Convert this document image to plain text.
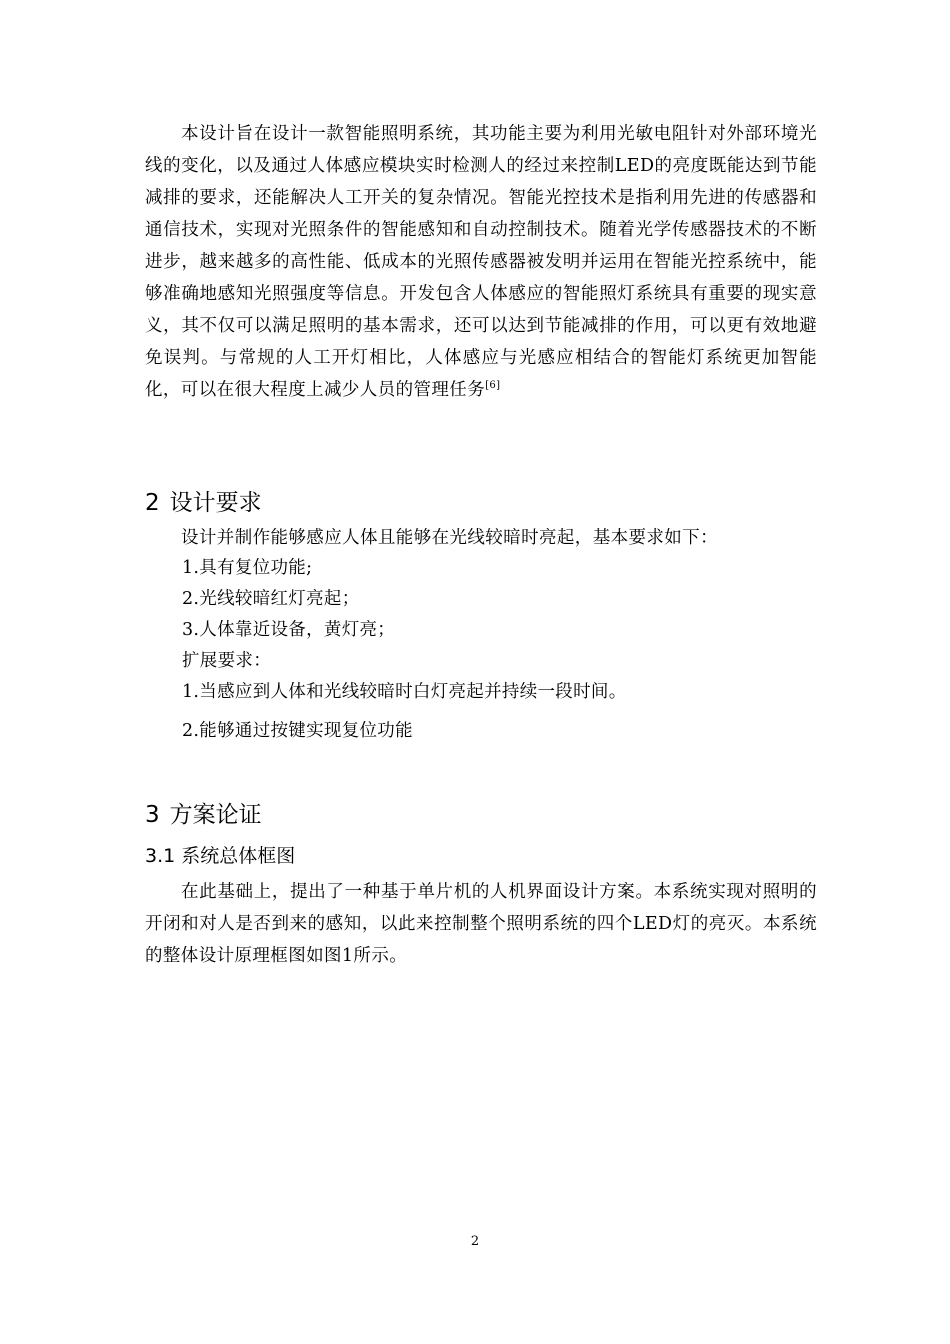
本设计旨在设计一款智能照明系统，其功能主要为利用光敏电阻针对外部环境光线的变化，以及通过人体感应模块实时检测人的经过来控制LED的亮度既能达到节能减排的要求，还能解决人工开关的复杂情况。智能光控技术是指利用先进的传感器和通信技术，实现对光照条件的智能感知和自动控制技术。随着光学传感器技术的不断进步，越来越多的高性能、低成本的光照传感器被发明并运用在智能光控系统中，能够准确地感知光照强度等信息。开发包含人体感应的智能照灯系统具有重要的现实意义，其不仅可以满足照明的基本需求，还可以达到节能减排的作用，可以更有效地避免误判。与常规的人工开灯相比，人体感应与光感应相结合的智能灯系统更加智能化，可以在很大程度上减少人员的管理任务[6]

2 设计要求

设计并制作能够感应人体且能够在光线较暗时亮起，基本要求如下：

1.具有复位功能;
2.光线较暗红灯亮起；
3.人体靠近设备，黄灯亮；
扩展要求：
1.当感应到人体和光线较暗时白灯亮起并持续一段时间。
2.能够通过按键实现复位功能
3 方案论证
3.1 系统总体框图

在此基础上，提出了一种基于单片机的人机界面设计方案。本系统实现对照明的开闭和对人是否到来的感知，以此来控制整个照明系统的四个LED灯的亮灭。本系统的整体设计原理框图如图1所示。

2
